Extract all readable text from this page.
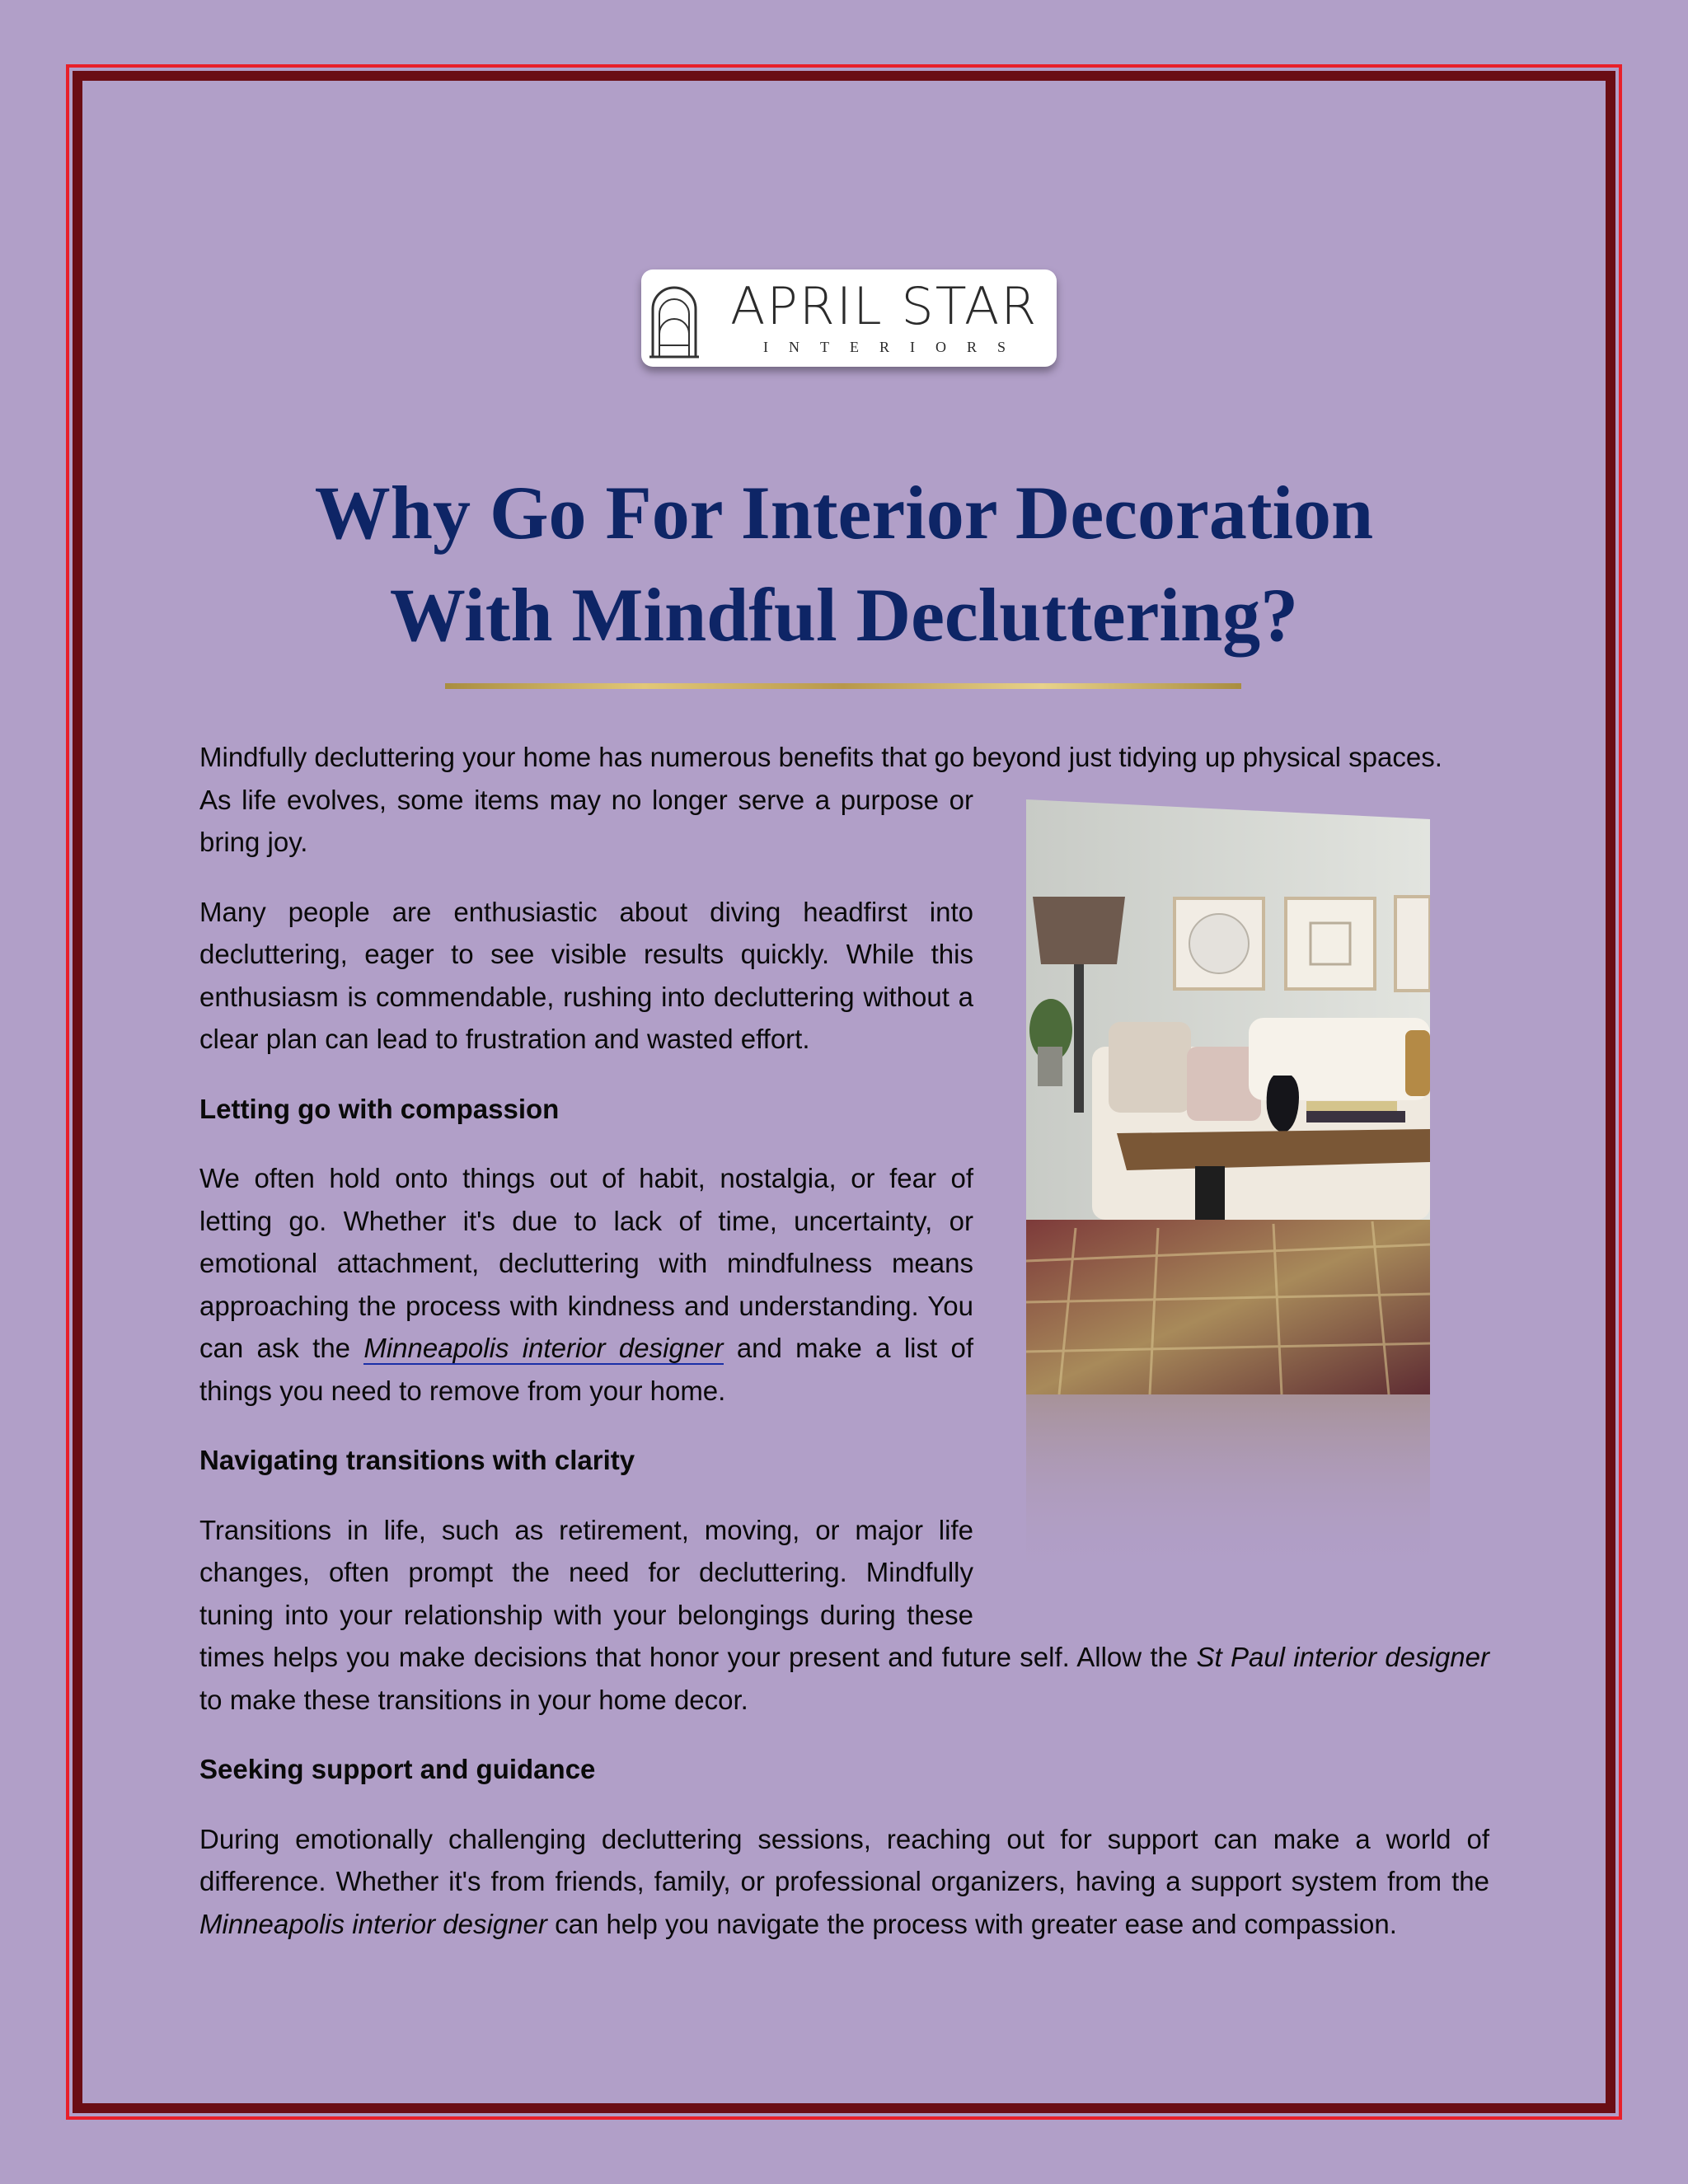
APRIL STAR
INTERIORS
Why Go For Interior Decoration
With Mindful Decluttering?

Mindfully decluttering your home has numerous benefits that go beyond just tidying up physical spaces.

As life evolves, some items may no longer serve a purpose or bring joy.

Many people are enthusiastic about diving headfirst into decluttering, eager to see visible results quickly. While this enthusiasm is commendable, rushing into decluttering without a clear plan can lead to frustration and wasted effort.

Letting go with compassion

We often hold onto things out of habit, nostalgia, or fear of letting go. Whether it's due to lack of time, uncertainty, or emotional attachment, decluttering with mindfulness means approaching the process with kindness and understanding. You can ask the Minneapolis interior designer and make a list of things you need to remove from your home.

Navigating transitions with clarity

Transitions in life, such as retirement, moving, or major life changes, often prompt the need for decluttering. Mindfully tuning into your relationship with your belongings during these times helps you make decisions that honor your present and future self. Allow the St Paul interior designer to make these transitions in your home decor.

Seeking support and guidance

During emotionally challenging decluttering sessions, reaching out for support can make a world of difference. Whether it's from friends, family, or professional organizers, having a support system from the Minneapolis interior designer can help you navigate the process with greater ease and compassion.
